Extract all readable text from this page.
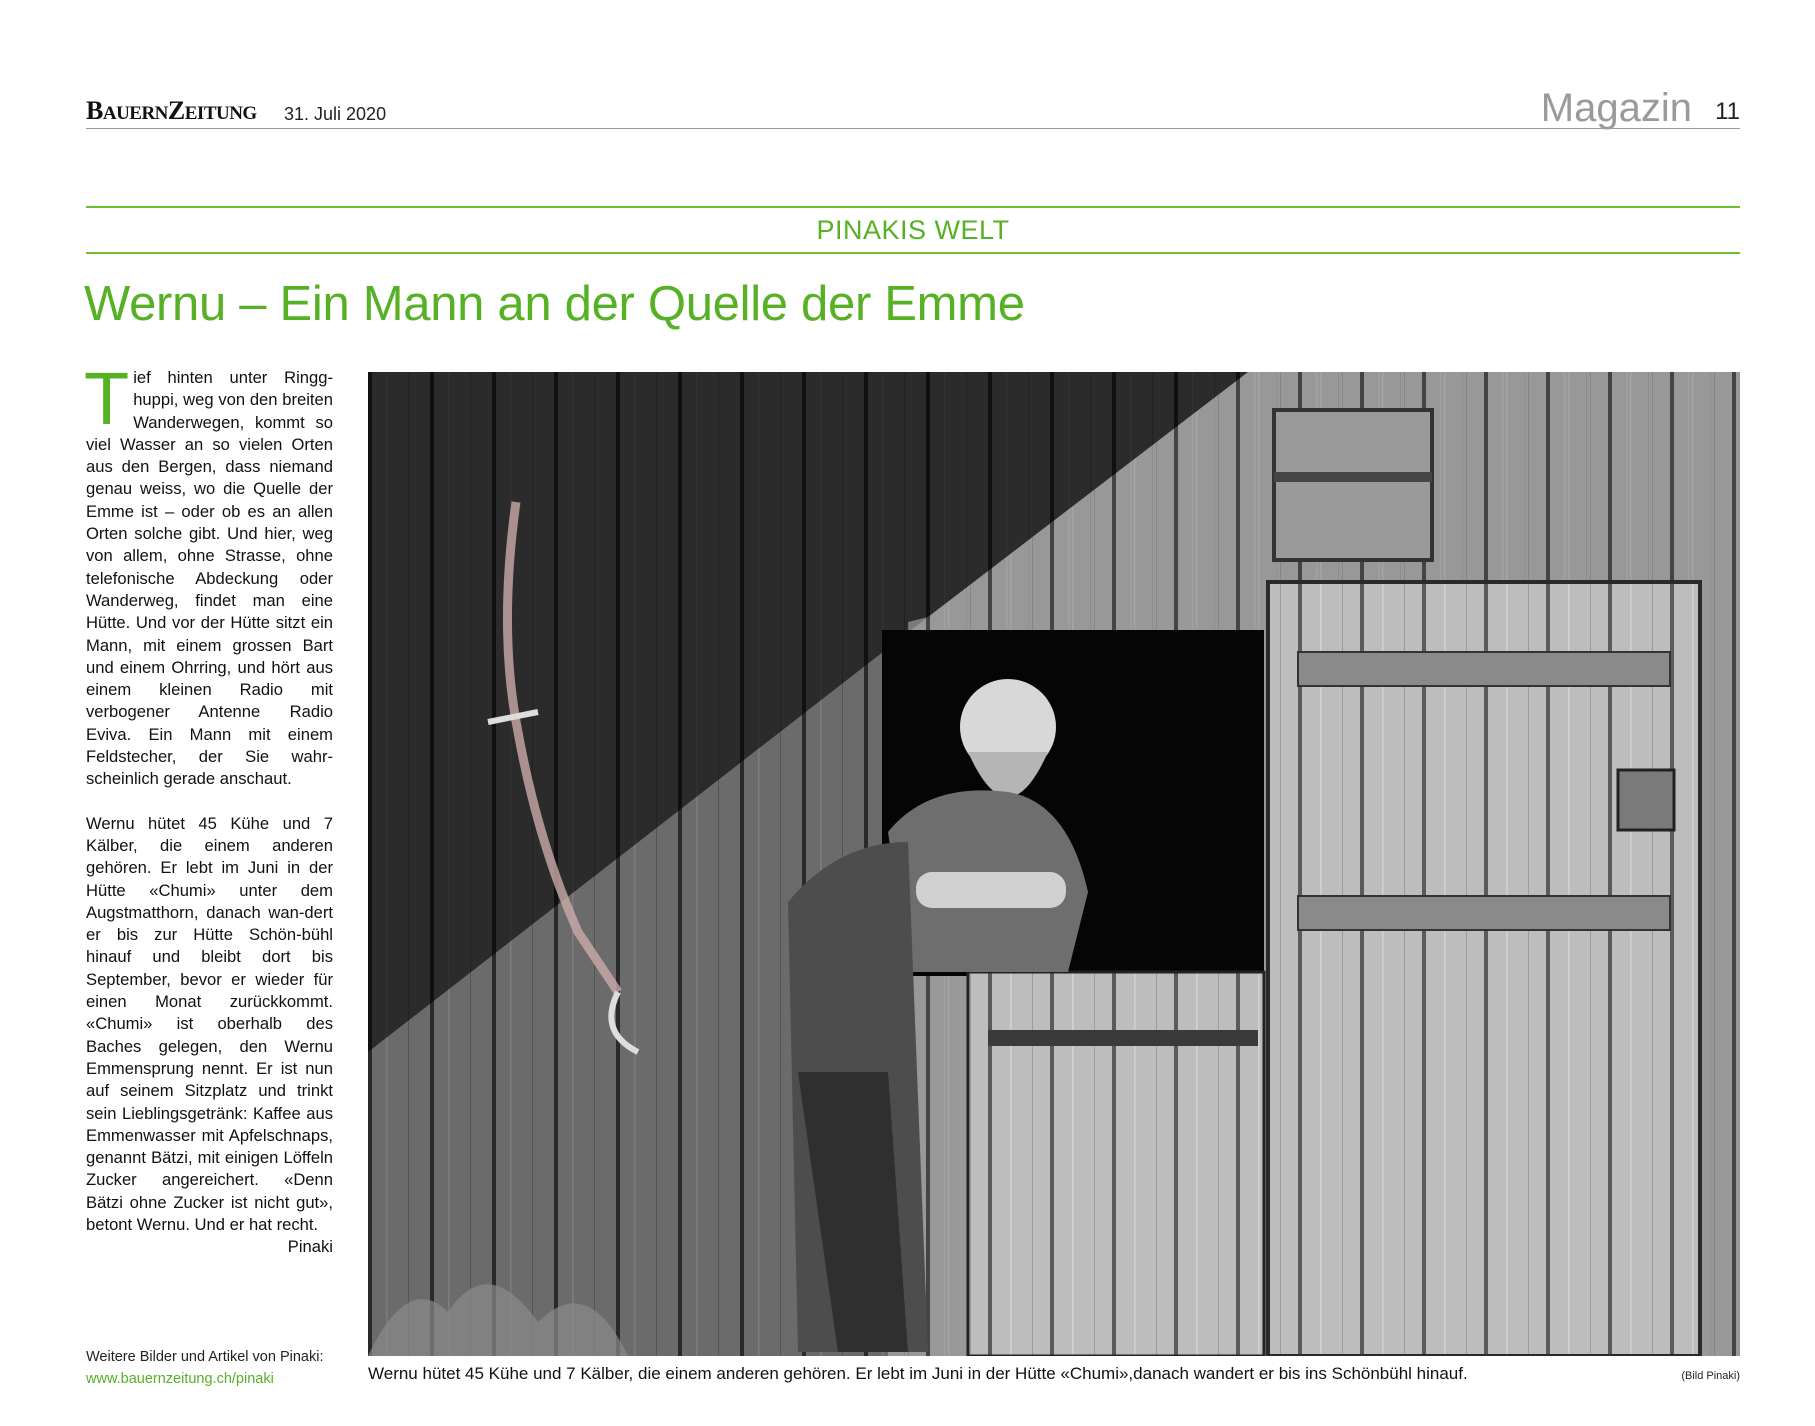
BAUERNZEITUNG 31. Juli 2020	Magazin 11
PINAKIS WELT
Wernu – Ein Mann an der Quelle der Emme

Tief hinten unter Ringg-huppi, weg von den breiten Wanderwegen, kommt so viel Wasser an so vielen Orten aus den Bergen, dass niemand genau weiss, wo die Quelle der Emme ist – oder ob es an allen Orten solche gibt. Und hier, weg von allem, ohne Strasse, ohne telefonische Abdeckung oder Wanderweg, findet man eine Hütte. Und vor der Hütte sitzt ein Mann, mit einem grossen Bart und einem Ohrring, und hört aus einem kleinen Radio mit verbogener Antenne Radio Eviva. Ein Mann mit einem Feldstecher, der Sie wahr-scheinlich gerade anschaut.

Wernu hütet 45 Kühe und 7 Kälber, die einem anderen gehören. Er lebt im Juni in der Hütte «Chumi» unter dem Augstmatthorn, danach wan-dert er bis zur Hütte Schön-bühl hinauf und bleibt dort bis September, bevor er wieder für einen Monat zurückkommt. «Chumi» ist oberhalb des Baches gelegen, den Wernu Emmensprung nennt. Er ist nun auf seinem Sitzplatz und trinkt sein Lieblingsgetränk: Kaffee aus Emmenwasser mit Apfelschnaps, genannt Bätzi, mit einigen Löffeln Zucker angereichert. «Denn Bätzi ohne Zucker ist nicht gut», betont Wernu. Und er hat recht.
Pinaki

Weitere Bilder und Artikel von Pinaki:
www.bauernzeitung.ch/pinaki	Wernu hütet 45 Kühe und 7 Kälber, die einem anderen gehören. Er lebt im Juni in der Hütte «Chumi»,danach wandert er bis ins Schönbühl hinauf.	(Bild Pinaki)
